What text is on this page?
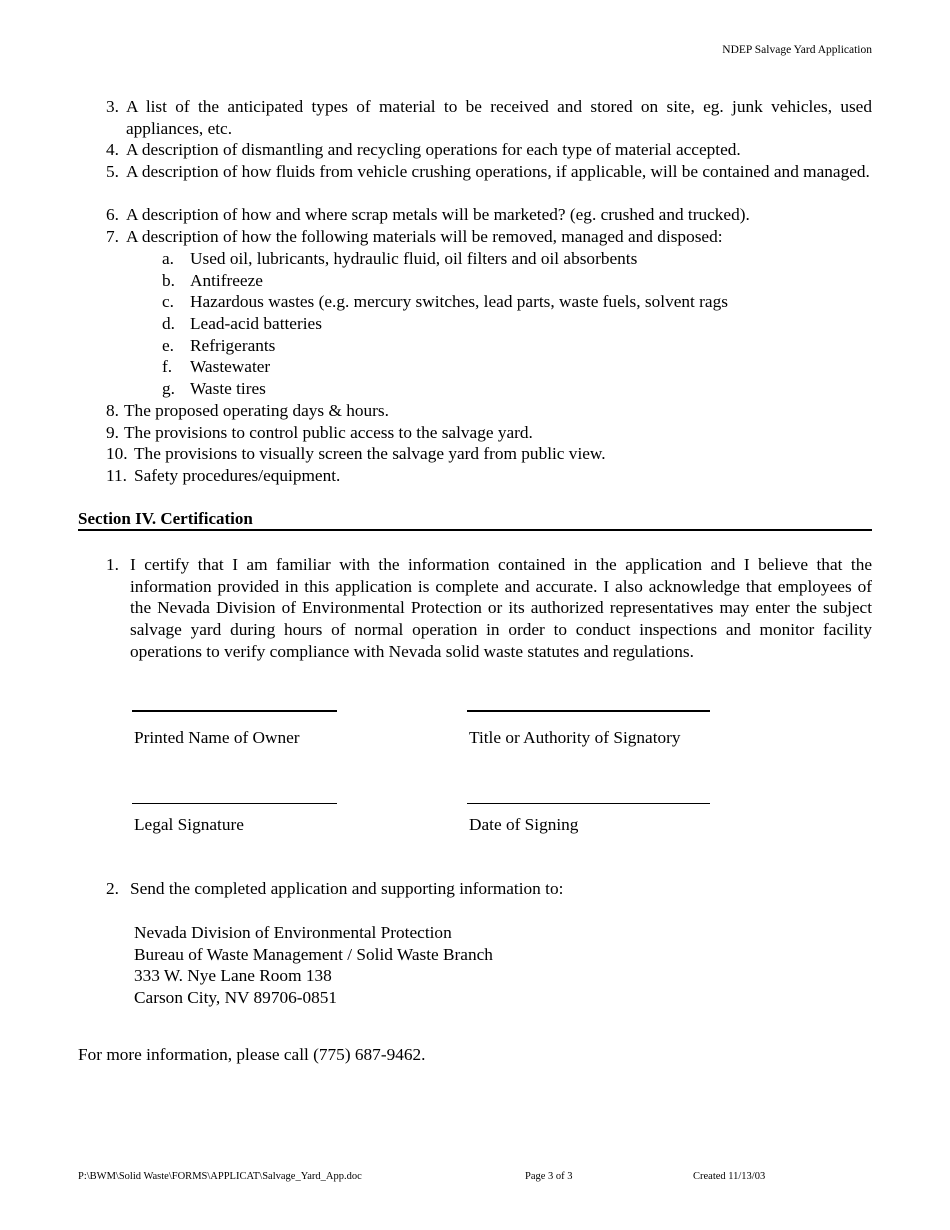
NDEP Salvage Yard Application
3. A list of the anticipated types of material to be received and stored on site, eg. junk vehicles, used appliances, etc.
4. A description of dismantling and recycling operations for each type of material accepted.
5. A description of how fluids from vehicle crushing operations, if applicable, will be contained and managed.
6. A description of how and where scrap metals will be marketed? (eg. crushed and trucked).
7. A description of how the following materials will be removed, managed and disposed:
a. Used oil, lubricants, hydraulic fluid, oil filters and oil absorbents
b. Antifreeze
c. Hazardous wastes (e.g. mercury switches, lead parts, waste fuels, solvent rags
d. Lead-acid batteries
e. Refrigerants
f. Wastewater
g. Waste tires
8. The proposed operating days & hours.
9. The provisions to control public access to the salvage yard.
10. The provisions to visually screen the salvage yard from public view.
11. Safety procedures/equipment.
Section IV. Certification
1. I certify that I am familiar with the information contained in the application and I believe that the information provided in this application is complete and accurate. I also acknowledge that employees of the Nevada Division of Environmental Protection or its authorized representatives may enter the subject salvage yard during hours of normal operation in order to conduct inspections and monitor facility operations to verify compliance with Nevada solid waste statutes and regulations.
Printed Name of Owner	Title or Authority of Signatory
Legal Signature	Date of Signing
2. Send the completed application and supporting information to:
Nevada Division of Environmental Protection
Bureau of Waste Management / Solid Waste Branch
333 W. Nye Lane Room 138
Carson City, NV 89706-0851
For more information, please call (775) 687-9462.
P:\BWM\Solid Waste\FORMS\APPLICAT\Salvage_Yard_App.doc	Page 3 of 3	Created 11/13/03
